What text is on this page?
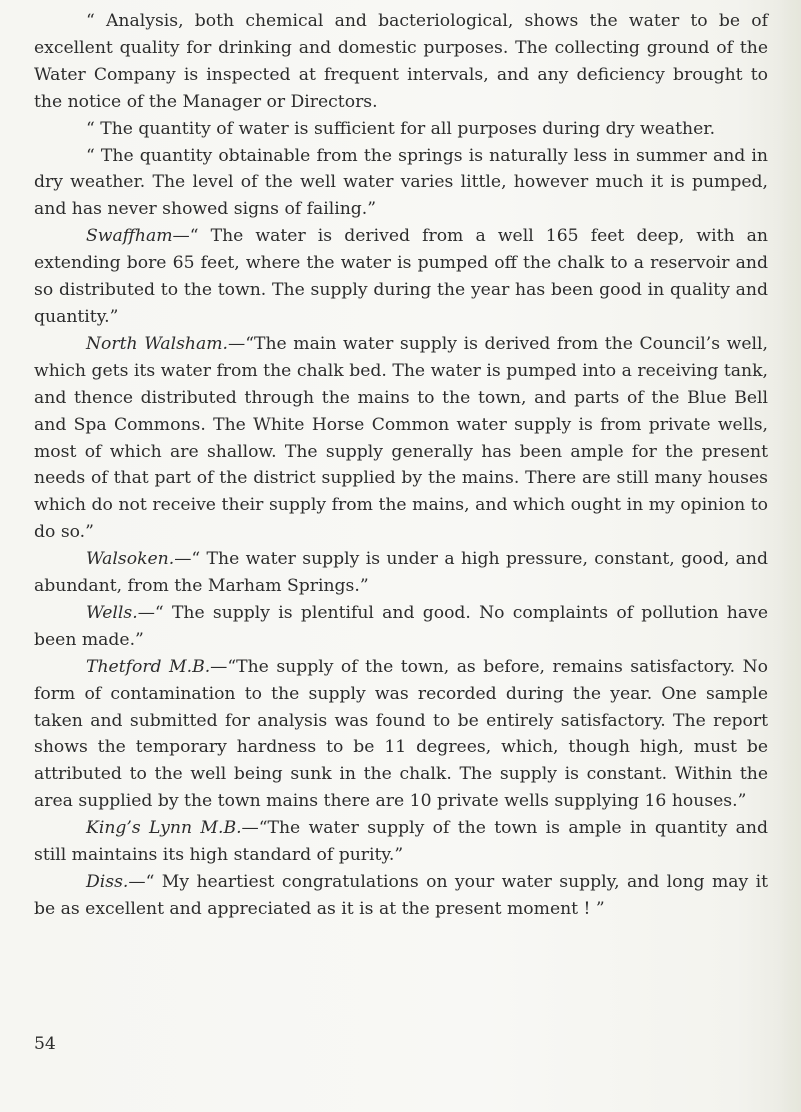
“ Analysis, both chemical and bacteriological, shows the water to be of excellent quality for drinking and domestic purposes. The collecting ground of the Water Company is inspected at frequent intervals, and any deficiency brought to the notice of the Manager or Directors.

“ The quantity of water is sufficient for all purposes during dry weather.

“ The quantity obtainable from the springs is naturally less in summer and in dry weather. The level of the well water varies little, however much it is pumped, and has never showed signs of failing.”

Swaffham—“ The water is derived from a well 165 feet deep, with an extending bore 65 feet, where the water is pumped off the chalk to a reservoir and so distributed to the town. The supply during the year has been good in quality and quantity.”

North Walsham.—“The main water supply is derived from the Council’s well, which gets its water from the chalk bed. The water is pumped into a receiving tank, and thence distributed through the mains to the town, and parts of the Blue Bell and Spa Commons. The White Horse Common water supply is from private wells, most of which are shallow. The supply generally has been ample for the present needs of that part of the district supplied by the mains. There are still many houses which do not receive their supply from the mains, and which ought in my opinion to do so.”

Walsoken.—“ The water supply is under a high pressure, constant, good, and abundant, from the Marham Springs.”

Wells.—“ The supply is plentiful and good. No complaints of pollution have been made.”

Thetford M.B.—“The supply of the town, as before, remains satisfactory. No form of contamination to the supply was recorded during the year. One sample taken and submitted for analysis was found to be entirely satisfactory. The report shows the temporary hardness to be 11 degrees, which, though high, must be attributed to the well being sunk in the chalk. The supply is constant. Within the area supplied by the town mains there are 10 private wells supplying 16 houses.”

King’s Lynn M.B.—“The water supply of the town is ample in quantity and still maintains its high standard of purity.”

Diss.—“ My heartiest congratulations on your water supply, and long may it be as excellent and appreciated as it is at the present moment ! ”

54
